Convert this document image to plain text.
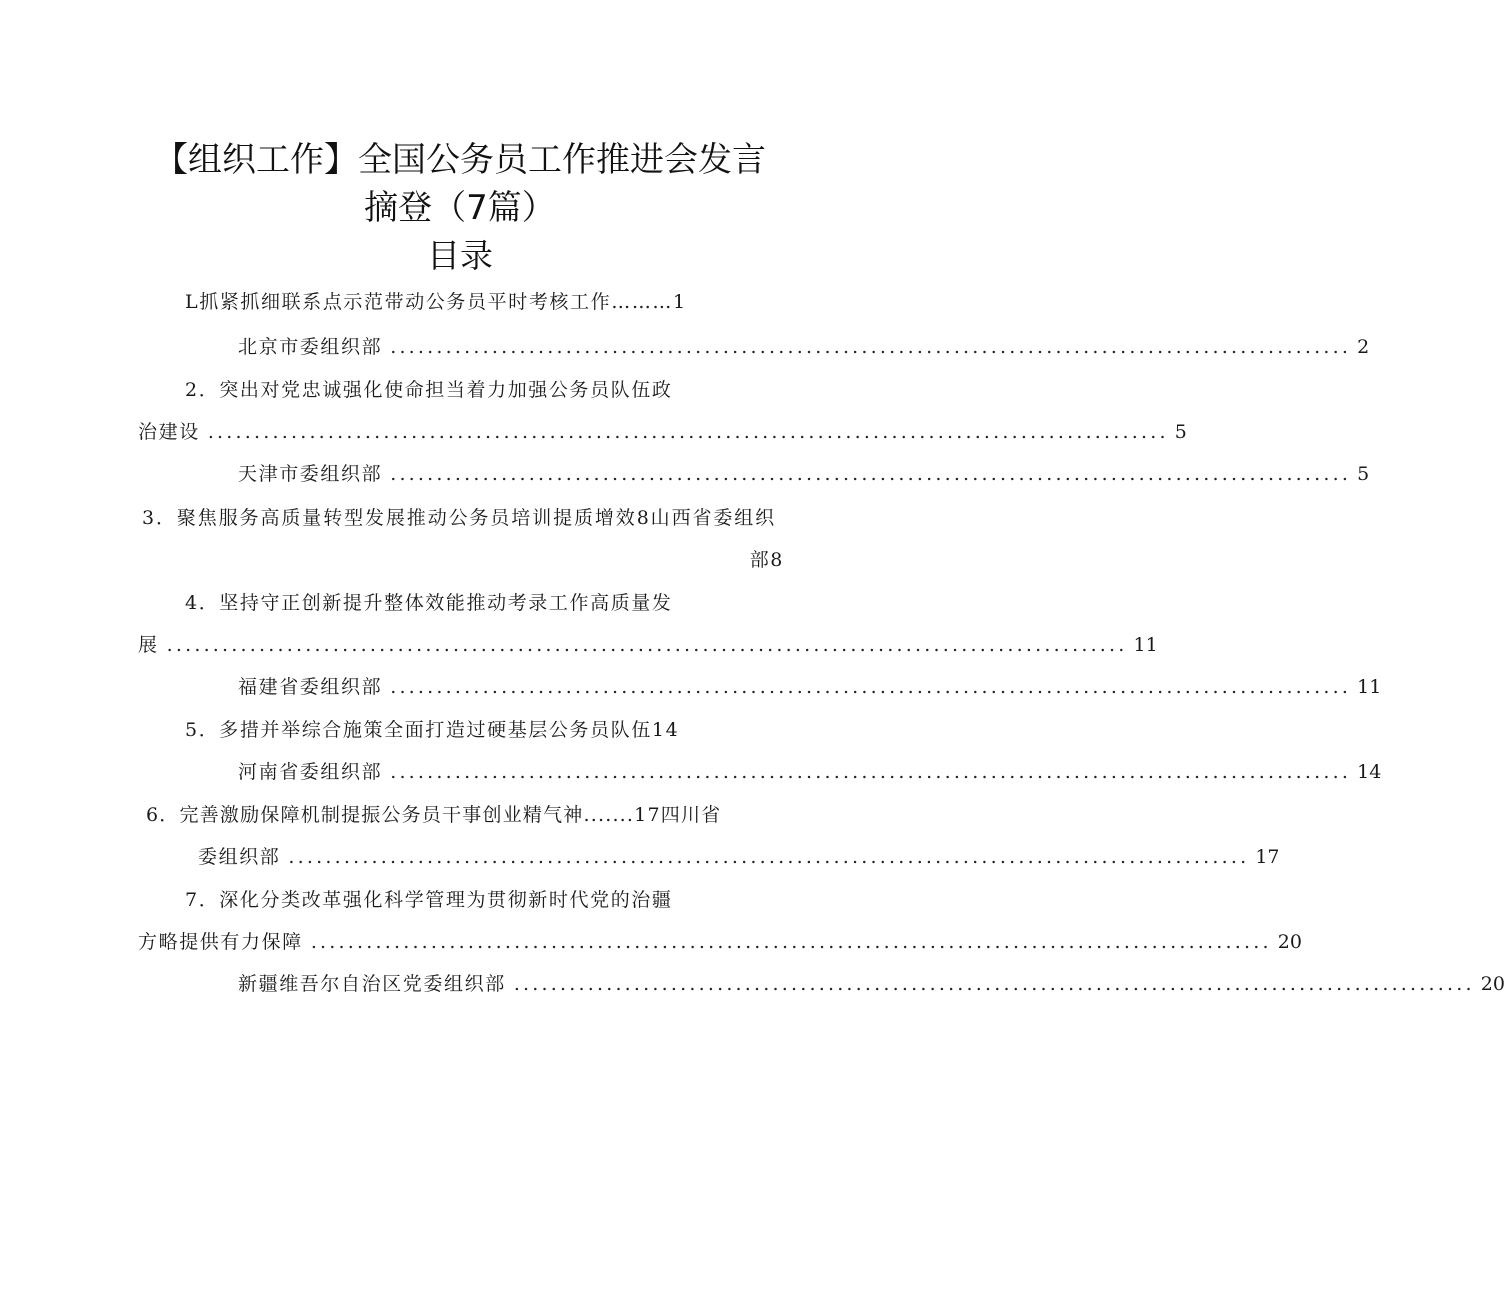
【组织工作】全国公务员工作推进会发言
摘登（7篇）
目录
L抓紧抓细联系点示范带动公务员平时考核工作………1
北京市委组织部 ........................................................................................................ 2
2．突出对党忠诚强化使命担当着力加强公务员队伍政
治建设 ........................................................................................................ 5
天津市委组织部 ........................................................................................................ 5
3．聚焦服务高质量转型发展推动公务员培训提质增效8山西省委组织
部8
4．坚持守正创新提升整体效能推动考录工作高质量发
展 ........................................................................................................ 11
福建省委组织部 ........................................................................................................ 11
5．多措并举综合施策全面打造过硬基层公务员队伍14
河南省委组织部 ........................................................................................................ 14
6．完善激励保障机制提振公务员干事创业精气神.......17四川省
委组织部 ........................................................................................................ 17
7．深化分类改革强化科学管理为贯彻新时代党的治疆
方略提供有力保障 ........................................................................................................ 20
新疆维吾尔自治区党委组织部 ........................................................................................................ 20
